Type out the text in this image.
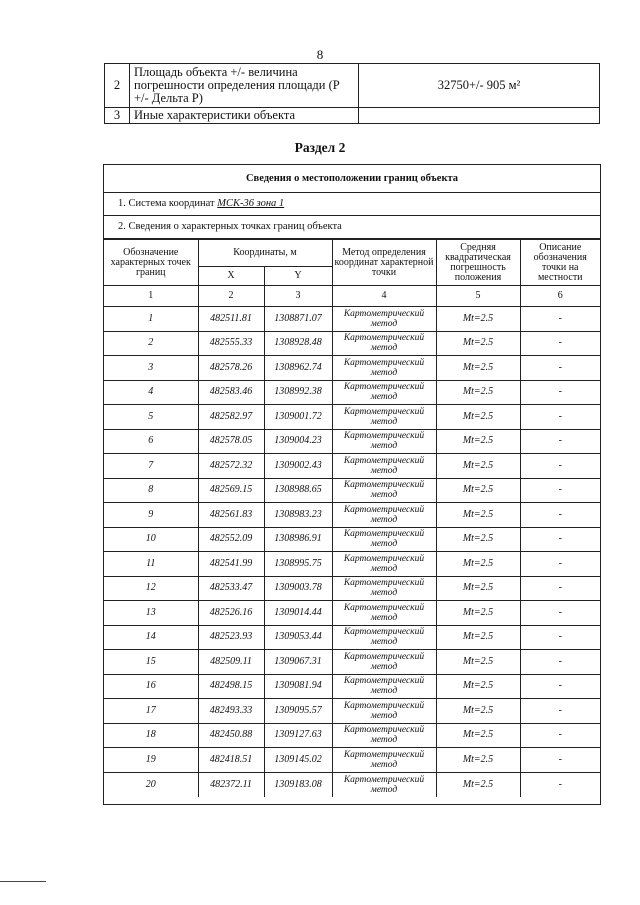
8
2	Площадь объекта +/- величина погрешности определения площади (Р +/- Дельта Р)	32750+/- 905 м²
3	Иные характеристики объекта	
Раздел 2
Сведения о местоположении границ объекта
1. Система координат МСК-36 зона 1
2. Сведения о характерных точках границ объекта
Обозначение характерных точек границ	Координаты, м		Метод определения координат характерной точки	Средняя квадратическая погрешность положения	Описание обозначения точки на местности
	X	Y			
1	2	3	4	5	6
1	482511.81	1308871.07	Картометрический метод	Mt=2.5	-
2	482555.33	1308928.48	Картометрический метод	Mt=2.5	-
3	482578.26	1308962.74	Картометрический метод	Mt=2.5	-
4	482583.46	1308992.38	Картометрический метод	Mt=2.5	-
5	482582.97	1309001.72	Картометрический метод	Mt=2.5	-
6	482578.05	1309004.23	Картометрический метод	Mt=2.5	-
7	482572.32	1309002.43	Картометрический метод	Mt=2.5	-
8	482569.15	1308988.65	Картометрический метод	Mt=2.5	-
9	482561.83	1308983.23	Картометрический метод	Mt=2.5	-
10	482552.09	1308986.91	Картометрический метод	Mt=2.5	-
11	482541.99	1308995.75	Картометрический метод	Mt=2.5	-
12	482533.47	1309003.78	Картометрический метод	Mt=2.5	-
13	482526.16	1309014.44	Картометрический метод	Mt=2.5	-
14	482523.93	1309053.44	Картометрический метод	Mt=2.5	-
15	482509.11	1309067.31	Картометрический метод	Mt=2.5	-
16	482498.15	1309081.94	Картометрический метод	Mt=2.5	-
17	482493.33	1309095.57	Картометрический метод	Mt=2.5	-
18	482450.88	1309127.63	Картометрический метод	Mt=2.5	-
19	482418.51	1309145.02	Картометрический метод	Mt=2.5	-
20	482372.11	1309183.08	Картометрический метод	Mt=2.5	-
